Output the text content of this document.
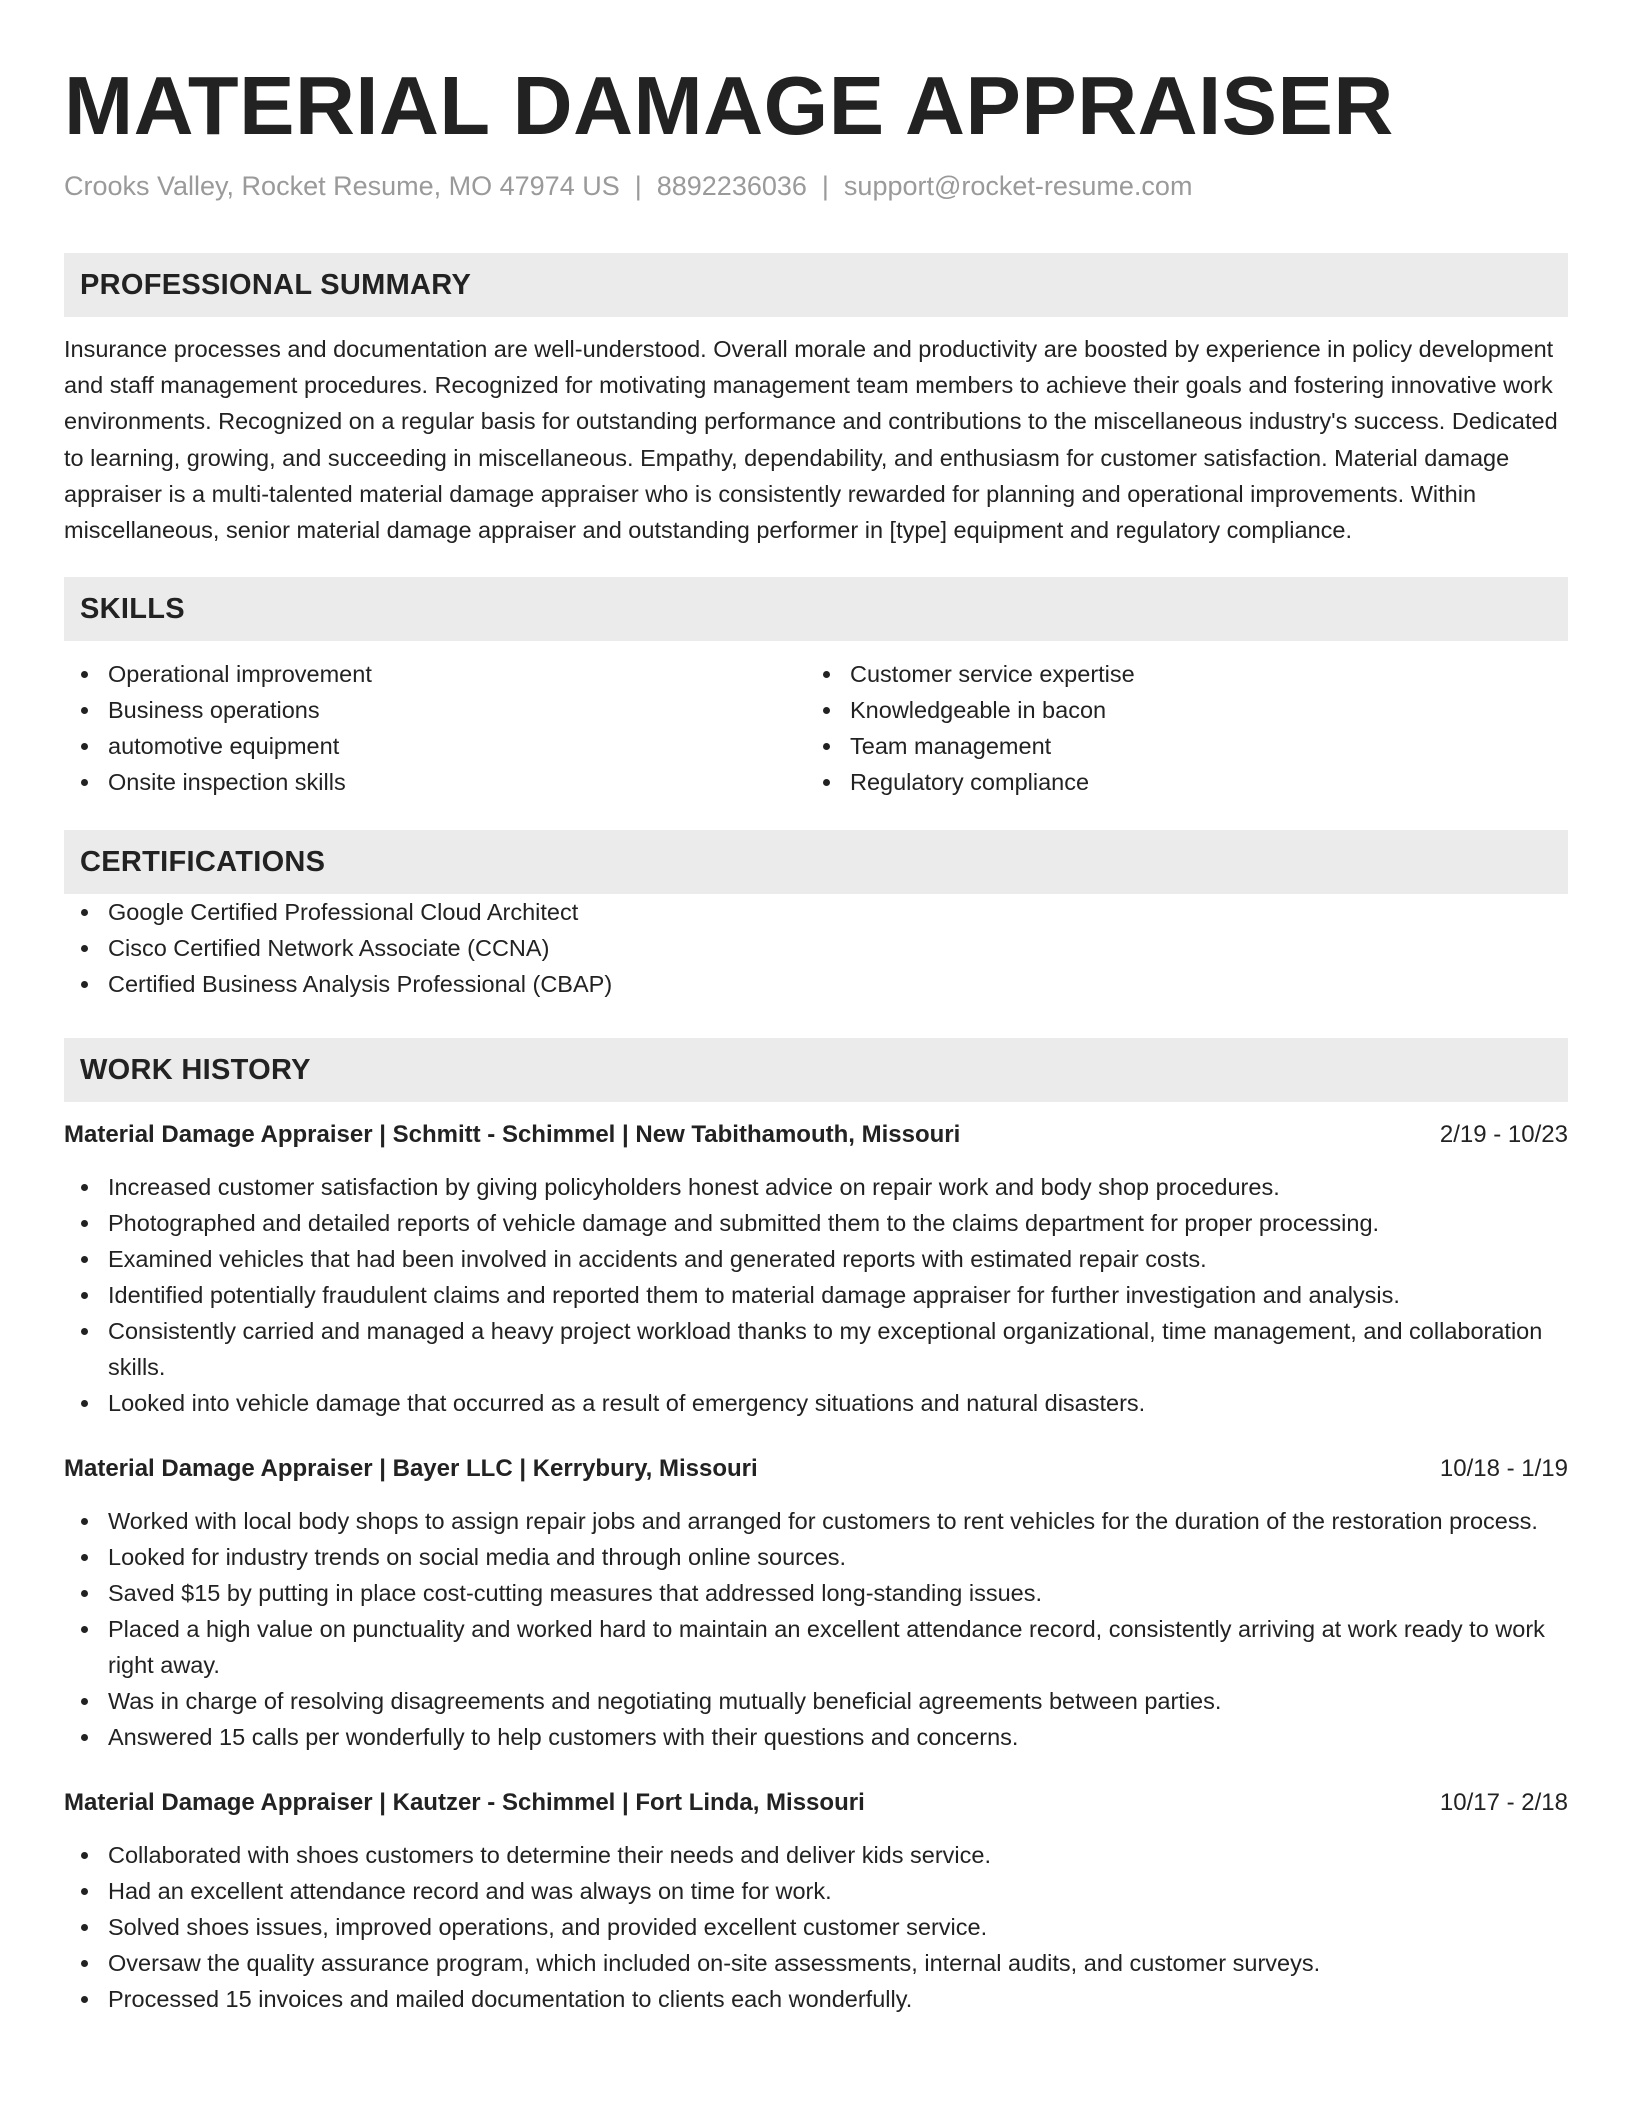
MATERIAL DAMAGE APPRAISER
Crooks Valley, Rocket Resume, MO 47974 US | 8892236036 | support@rocket-resume.com
PROFESSIONAL SUMMARY

Insurance processes and documentation are well-understood. Overall morale and productivity are boosted by experience in policy development and staff management procedures. Recognized for motivating management team members to achieve their goals and fostering innovative work environments. Recognized on a regular basis for outstanding performance and contributions to the miscellaneous industry's success. Dedicated to learning, growing, and succeeding in miscellaneous. Empathy, dependability, and enthusiasm for customer satisfaction. Material damage appraiser is a multi-talented material damage appraiser who is consistently rewarded for planning and operational improvements. Within miscellaneous, senior material damage appraiser and outstanding performer in [type] equipment and regulatory compliance.

SKILLS
Operational improvement
Business operations
automotive equipment
Onsite inspection skills
Customer service expertise
Knowledgeable in bacon
Team management
Regulatory compliance
CERTIFICATIONS
Google Certified Professional Cloud Architect
Cisco Certified Network Associate (CCNA)
Certified Business Analysis Professional (CBAP)
WORK HISTORY
Material Damage Appraiser | Schmitt - Schimmel | New Tabithamouth, Missouri	2/19 - 10/23
Increased customer satisfaction by giving policyholders honest advice on repair work and body shop procedures.
Photographed and detailed reports of vehicle damage and submitted them to the claims department for proper processing.
Examined vehicles that had been involved in accidents and generated reports with estimated repair costs.
Identified potentially fraudulent claims and reported them to material damage appraiser for further investigation and analysis.
Consistently carried and managed a heavy project workload thanks to my exceptional organizational, time management, and collaboration skills.
Looked into vehicle damage that occurred as a result of emergency situations and natural disasters.
Material Damage Appraiser | Bayer LLC | Kerrybury, Missouri	10/18 - 1/19
Worked with local body shops to assign repair jobs and arranged for customers to rent vehicles for the duration of the restoration process.
Looked for industry trends on social media and through online sources.
Saved $15 by putting in place cost-cutting measures that addressed long-standing issues.
Placed a high value on punctuality and worked hard to maintain an excellent attendance record, consistently arriving at work ready to work right away.
Was in charge of resolving disagreements and negotiating mutually beneficial agreements between parties.
Answered 15 calls per wonderfully to help customers with their questions and concerns.
Material Damage Appraiser | Kautzer - Schimmel | Fort Linda, Missouri	10/17 - 2/18
Collaborated with shoes customers to determine their needs and deliver kids service.
Had an excellent attendance record and was always on time for work.
Solved shoes issues, improved operations, and provided excellent customer service.
Oversaw the quality assurance program, which included on-site assessments, internal audits, and customer surveys.
Processed 15 invoices and mailed documentation to clients each wonderfully.
